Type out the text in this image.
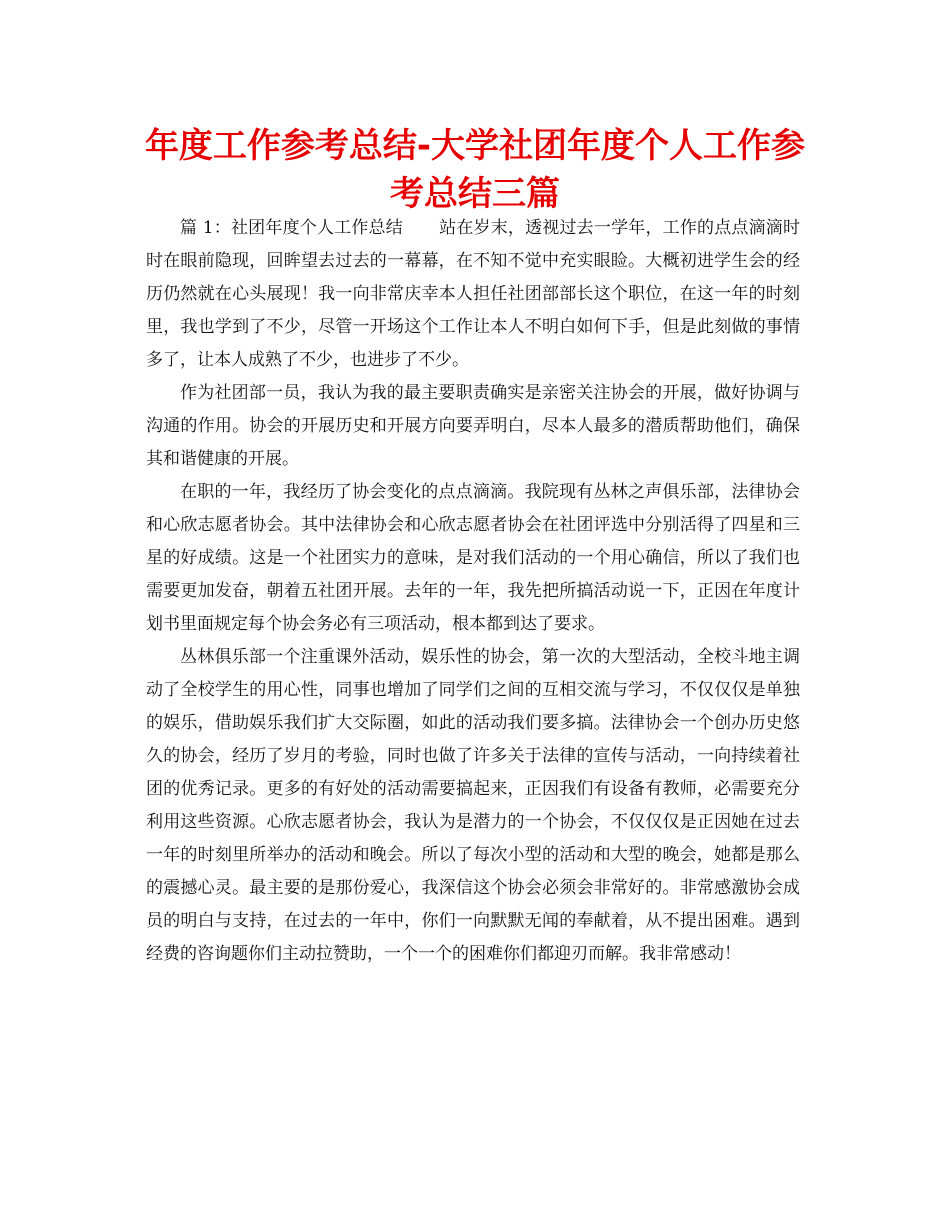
年度工作参考总结-大学社团年度个人工作参考总结三篇

篇 1：社团年度个人工作总结 站在岁末，透视过去一学年，工作的点点滴滴时时在眼前隐现，回眸望去过去的一幕幕，在不知不觉中充实眼睑。大概初进学生会的经历仍然就在心头展现！我一向非常庆幸本人担任社团部部长这个职位，在这一年的时刻里，我也学到了不少，尽管一开场这个工作让本人不明白如何下手，但是此刻做的事情多了，让本人成熟了不少，也进步了不少。

作为社团部一员，我认为我的最主要职责确实是亲密关注协会的开展，做好协调与沟通的作用。协会的开展历史和开展方向要弄明白，尽本人最多的潜质帮助他们，确保其和谐健康的开展。

在职的一年，我经历了协会变化的点点滴滴。我院现有丛林之声俱乐部，法律协会和心欣志愿者协会。其中法律协会和心欣志愿者协会在社团评选中分别活得了四星和三星的好成绩。这是一个社团实力的意味，是对我们活动的一个用心确信，所以了我们也需要更加发奋，朝着五社团开展。去年的一年，我先把所搞活动说一下，正因在年度计划书里面规定每个协会务必有三项活动，根本都到达了要求。

丛林俱乐部一个注重课外活动，娱乐性的协会，第一次的大型活动，全校斗地主调动了全校学生的用心性，同事也增加了同学们之间的互相交流与学习，不仅仅仅是单独的娱乐，借助娱乐我们扩大交际圈，如此的活动我们要多搞。法律协会一个创办历史悠久的协会，经历了岁月的考验，同时也做了许多关于法律的宣传与活动，一向持续着社团的优秀记录。更多的有好处的活动需要搞起来，正因我们有设备有教师，必需要充分利用这些资源。心欣志愿者协会，我认为是潜力的一个协会，不仅仅仅是正因她在过去一年的时刻里所举办的活动和晚会。所以了每次小型的活动和大型的晚会，她都是那么的震撼心灵。最主要的是那份爱心，我深信这个协会必须会非常好的。非常感激协会成员的明白与支持，在过去的一年中，你们一向默默无闻的奉献着，从不提出困难。遇到经费的咨询题你们主动拉赞助，一个一个的困难你们都迎刃而解。我非常感动！
